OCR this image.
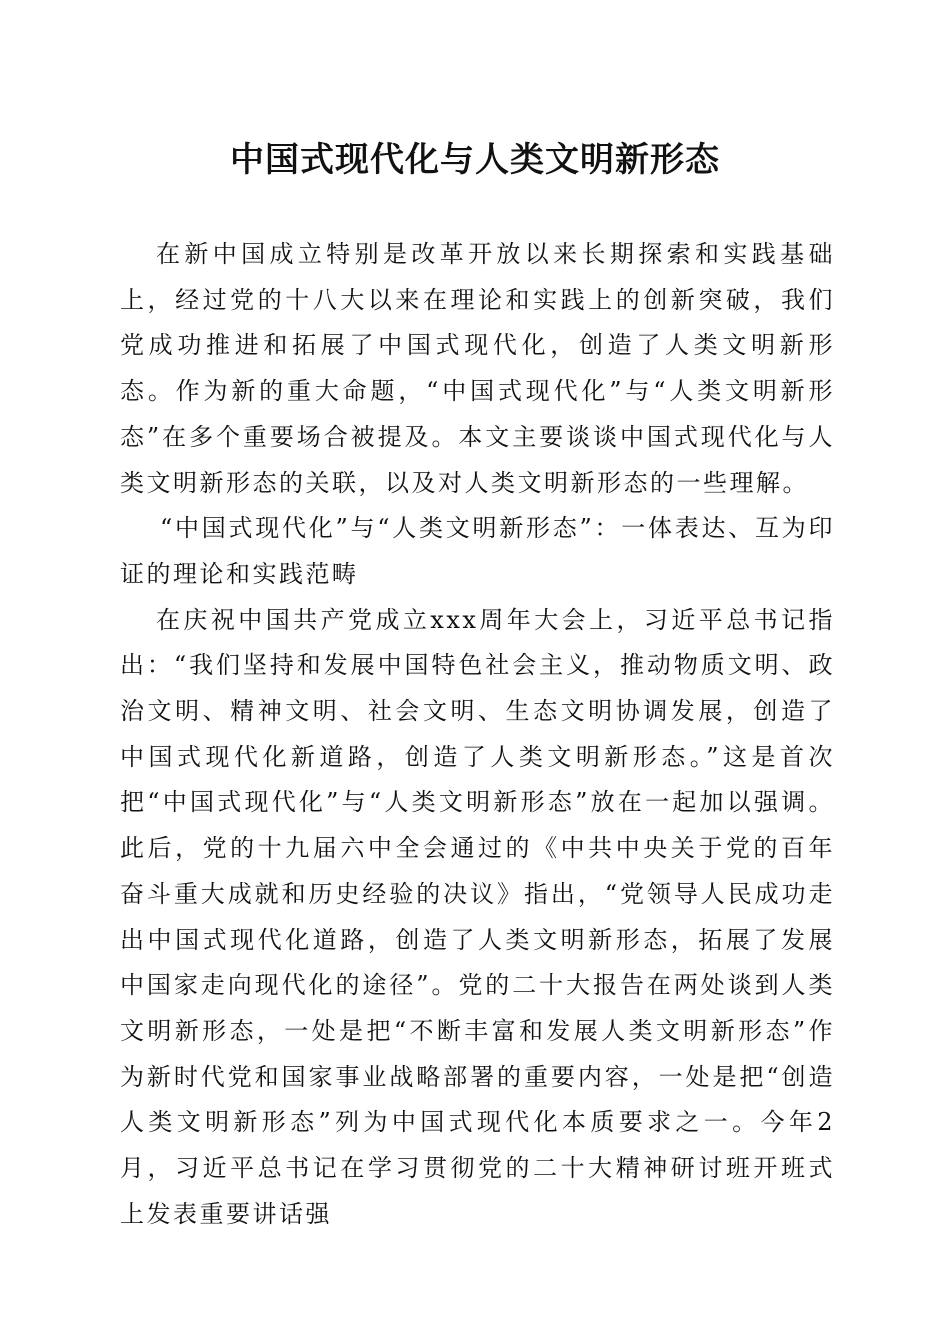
中国式现代化与人类文明新形态

在新中国成立特别是改革开放以来长期探索和实践基础上，经过党的十八大以来在理论和实践上的创新突破，我们党成功推进和拓展了中国式现代化，创造了人类文明新形态。作为新的重大命题，“中国式现代化”与“人类文明新形态”在多个重要场合被提及。本文主要谈谈中国式现代化与人类文明新形态的关联，以及对人类文明新形态的一些理解。

“中国式现代化”与“人类文明新形态”：一体表达、互为印证的理论和实践范畴

在庆祝中国共产党成立xxx周年大会上，习近平总书记指出：“我们坚持和发展中国特色社会主义，推动物质文明、政治文明、精神文明、社会文明、生态文明协调发展，创造了中国式现代化新道路，创造了人类文明新形态。”这是首次把“中国式现代化”与“人类文明新形态”放在一起加以强调。此后，党的十九届六中全会通过的《中共中央关于党的百年奋斗重大成就和历史经验的决议》指出，“党领导人民成功走出中国式现代化道路，创造了人类文明新形态，拓展了发展中国家走向现代化的途径”。党的二十大报告在两处谈到人类文明新形态，一处是把“不断丰富和发展人类文明新形态”作为新时代党和国家事业战略部署的重要内容，一处是把“创造人类文明新形态”列为中国式现代化本质要求之一。今年2月，习近平总书记在学习贯彻党的二十大精神研讨班开班式上发表重要讲话强
